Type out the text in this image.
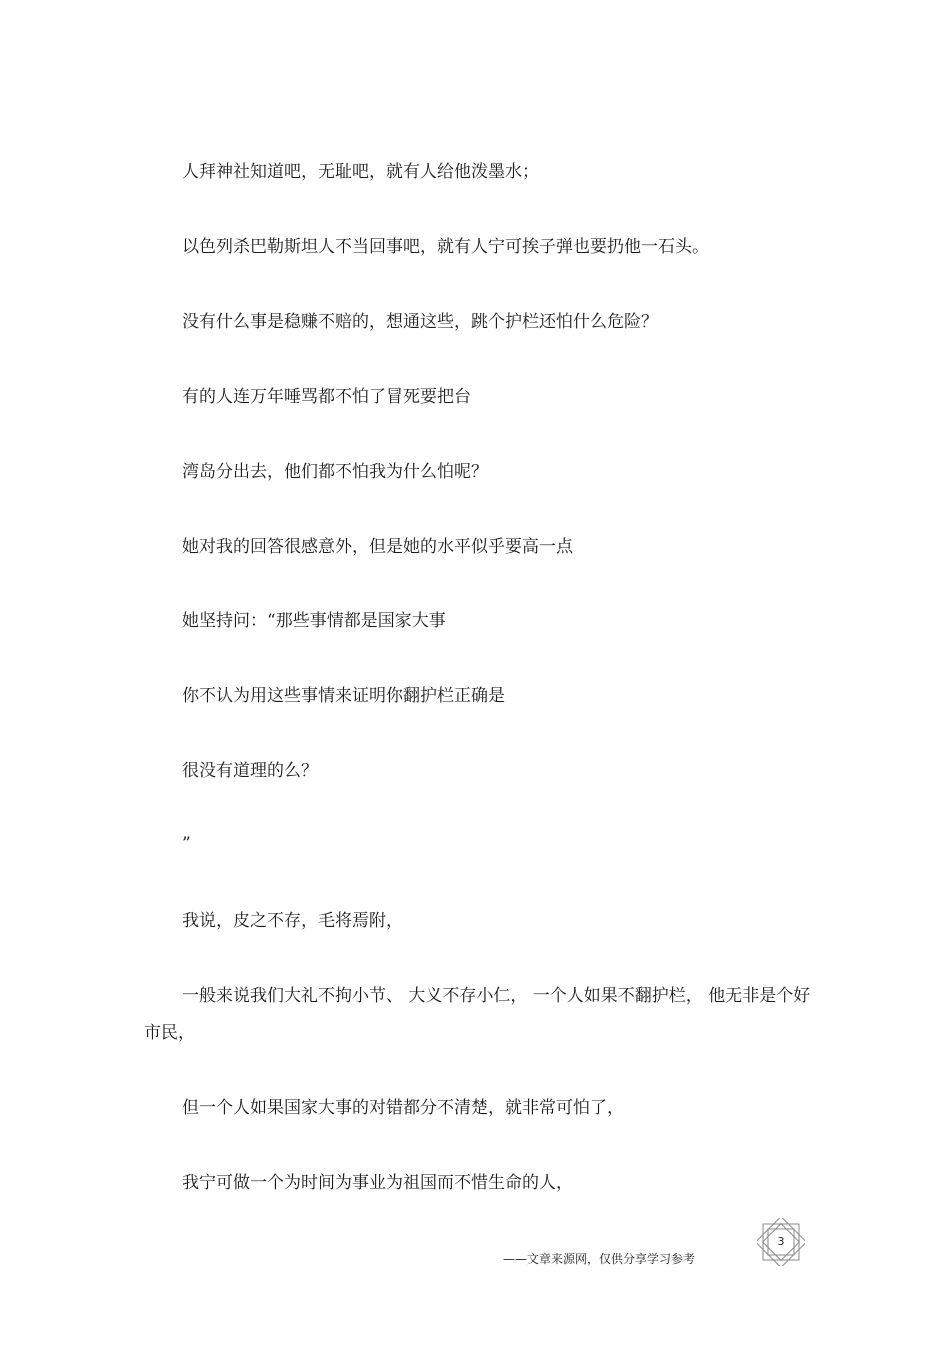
人拜神社知道吧，无耻吧，就有人给他泼墨水；

以色列杀巴勒斯坦人不当回事吧，就有人宁可挨子弹也要扔他一石头。

没有什么事是稳赚不赔的，想通这些，跳个护栏还怕什么危险？

有的人连万年唾骂都不怕了冒死要把台

湾岛分出去，他们都不怕我为什么怕呢？

她对我的回答很感意外，但是她的水平似乎要高一点

她坚持问：“那些事情都是国家大事

你不认为用这些事情来证明你翻护栏正确是

很没有道理的么？

”

我说，皮之不存，毛将焉附，

一般来说我们大礼不拘小节、 大义不存小仁， 一个人如果不翻护栏， 他无非是个好市民，

但一个人如果国家大事的对错都分不清楚，就非常可怕了，

我宁可做一个为时间为事业为祖国而不惜生命的人，

——文章来源网，仅供分享学习参考
3
